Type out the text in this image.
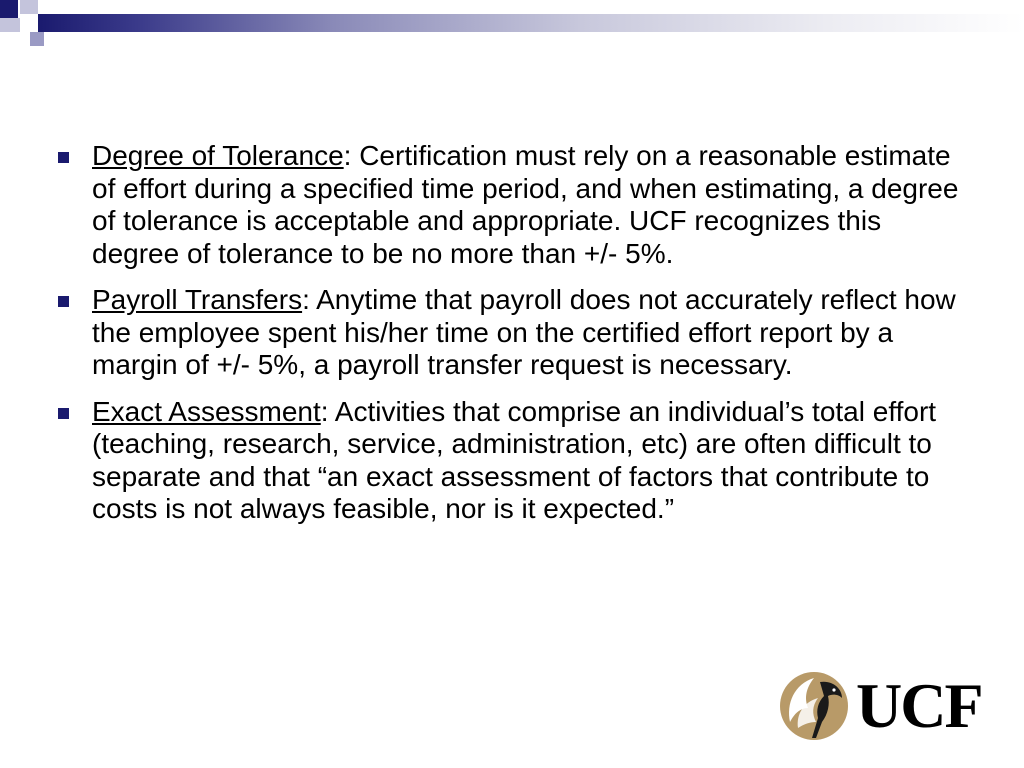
Degree of Tolerance: Certification must rely on a reasonable estimate of effort during a specified time period, and when estimating, a degree of tolerance is acceptable and appropriate. UCF recognizes this degree of tolerance to be no more than +/- 5%.
Payroll Transfers: Anytime that payroll does not accurately reflect how the employee spent his/her time on the certified effort report by a margin of +/- 5%, a payroll transfer request is necessary.
Exact Assessment: Activities that comprise an individual’s total effort (teaching, research, service, administration, etc) are often difficult to separate and that “an exact assessment of factors that contribute to costs is not always feasible, nor is it expected.”
UCF
